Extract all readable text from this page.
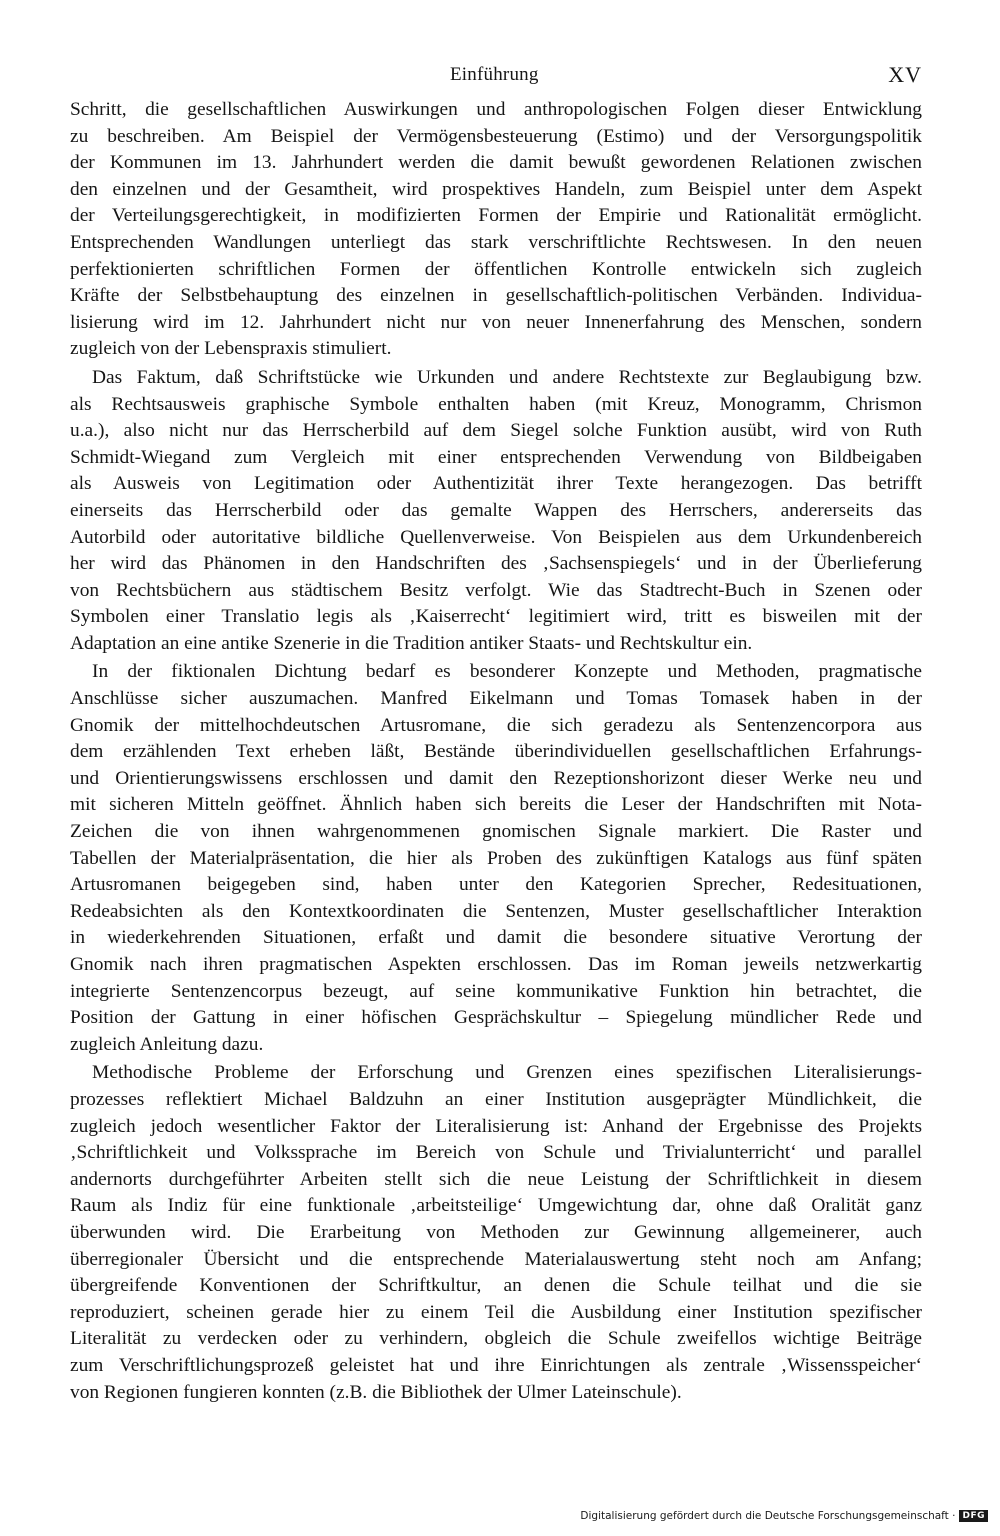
Einführung	XV
Schritt, die gesellschaftlichen Auswirkungen und anthropologischen Folgen dieser Entwicklung
zu beschreiben. Am Beispiel der Vermögensbesteuerung (Estimo) und der Versorgungspolitik
der Kommunen im 13. Jahrhundert werden die damit bewußt gewordenen Relationen zwischen
den einzelnen und der Gesamtheit, wird prospektives Handeln, zum Beispiel unter dem Aspekt
der Verteilungsgerechtigkeit, in modifizierten Formen der Empirie und Rationalität ermöglicht.
Entsprechenden Wandlungen unterliegt das stark verschriftlichte Rechtswesen. In den neuen
perfektionierten schriftlichen Formen der öffentlichen Kontrolle entwickeln sich zugleich
Kräfte der Selbstbehauptung des einzelnen in gesellschaftlich-politischen Verbänden. Individua-
lisierung wird im 12. Jahrhundert nicht nur von neuer Innenerfahrung des Menschen, sondern
zugleich von der Lebenspraxis stimuliert.
Das Faktum, daß Schriftstücke wie Urkunden und andere Rechtstexte zur Beglaubigung bzw.
als Rechtsausweis graphische Symbole enthalten haben (mit Kreuz, Monogramm, Chrismon
u.a.), also nicht nur das Herrscherbild auf dem Siegel solche Funktion ausübt, wird von Ruth
Schmidt-Wiegand zum Vergleich mit einer entsprechenden Verwendung von Bildbeigaben
als Ausweis von Legitimation oder Authentizität ihrer Texte herangezogen. Das betrifft
einerseits das Herrscherbild oder das gemalte Wappen des Herrschers, andererseits das
Autorbild oder autoritative bildliche Quellenverweise. Von Beispielen aus dem Urkundenbereich
her wird das Phänomen in den Handschriften des ‚Sachsenspiegels‘ und in der Überlieferung
von Rechtsbüchern aus städtischem Besitz verfolgt. Wie das Stadtrecht-Buch in Szenen oder
Symbolen einer Translatio legis als ‚Kaiserrecht‘ legitimiert wird, tritt es bisweilen mit der
Adaptation an eine antike Szenerie in die Tradition antiker Staats- und Rechtskultur ein.
In der fiktionalen Dichtung bedarf es besonderer Konzepte und Methoden, pragmatische
Anschlüsse sicher auszumachen. Manfred Eikelmann und Tomas Tomasek haben in der
Gnomik der mittelhochdeutschen Artusromane, die sich geradezu als Sentenzencorpora aus
dem erzählenden Text erheben läßt, Bestände überindividuellen gesellschaftlichen Erfahrungs-
und Orientierungswissens erschlossen und damit den Rezeptionshorizont dieser Werke neu und
mit sicheren Mitteln geöffnet. Ähnlich haben sich bereits die Leser der Handschriften mit Nota-
Zeichen die von ihnen wahrgenommenen gnomischen Signale markiert. Die Raster und
Tabellen der Materialpräsentation, die hier als Proben des zukünftigen Katalogs aus fünf späten
Artusromanen beigegeben sind, haben unter den Kategorien Sprecher, Redesituationen,
Redeabsichten als den Kontextkoordinaten die Sentenzen, Muster gesellschaftlicher Interaktion
in wiederkehrenden Situationen, erfaßt und damit die besondere situative Verortung der
Gnomik nach ihren pragmatischen Aspekten erschlossen. Das im Roman jeweils netzwerkartig
integrierte Sentenzencorpus bezeugt, auf seine kommunikative Funktion hin betrachtet, die
Position der Gattung in einer höfischen Gesprächskultur – Spiegelung mündlicher Rede und
zugleich Anleitung dazu.
Methodische Probleme der Erforschung und Grenzen eines spezifischen Literalisierungs-
prozesses reflektiert Michael Baldzuhn an einer Institution ausgeprägter Mündlichkeit, die
zugleich jedoch wesentlicher Faktor der Literalisierung ist: Anhand der Ergebnisse des Projekts
‚Schriftlichkeit und Volkssprache im Bereich von Schule und Trivialunterricht‘ und parallel
andernorts durchgeführter Arbeiten stellt sich die neue Leistung der Schriftlichkeit in diesem
Raum als Indiz für eine funktionale ‚arbeitsteilige‘ Umgewichtung dar, ohne daß Oralität ganz
überwunden wird. Die Erarbeitung von Methoden zur Gewinnung allgemeinerer, auch
überregionaler Übersicht und die entsprechende Materialauswertung steht noch am Anfang;
übergreifende Konventionen der Schriftkultur, an denen die Schule teilhat und die sie
reproduziert, scheinen gerade hier zu einem Teil die Ausbildung einer Institution spezifischer
Literalität zu verdecken oder zu verhindern, obgleich die Schule zweifellos wichtige Beiträge
zum Verschriftlichungsprozeß geleistet hat und ihre Einrichtungen als zentrale ‚Wissensspeicher‘
von Regionen fungieren konnten (z.B. die Bibliothek der Ulmer Lateinschule).
Digitalisierung gefördert durch die Deutsche Forschungsgemeinschaft · DFG
